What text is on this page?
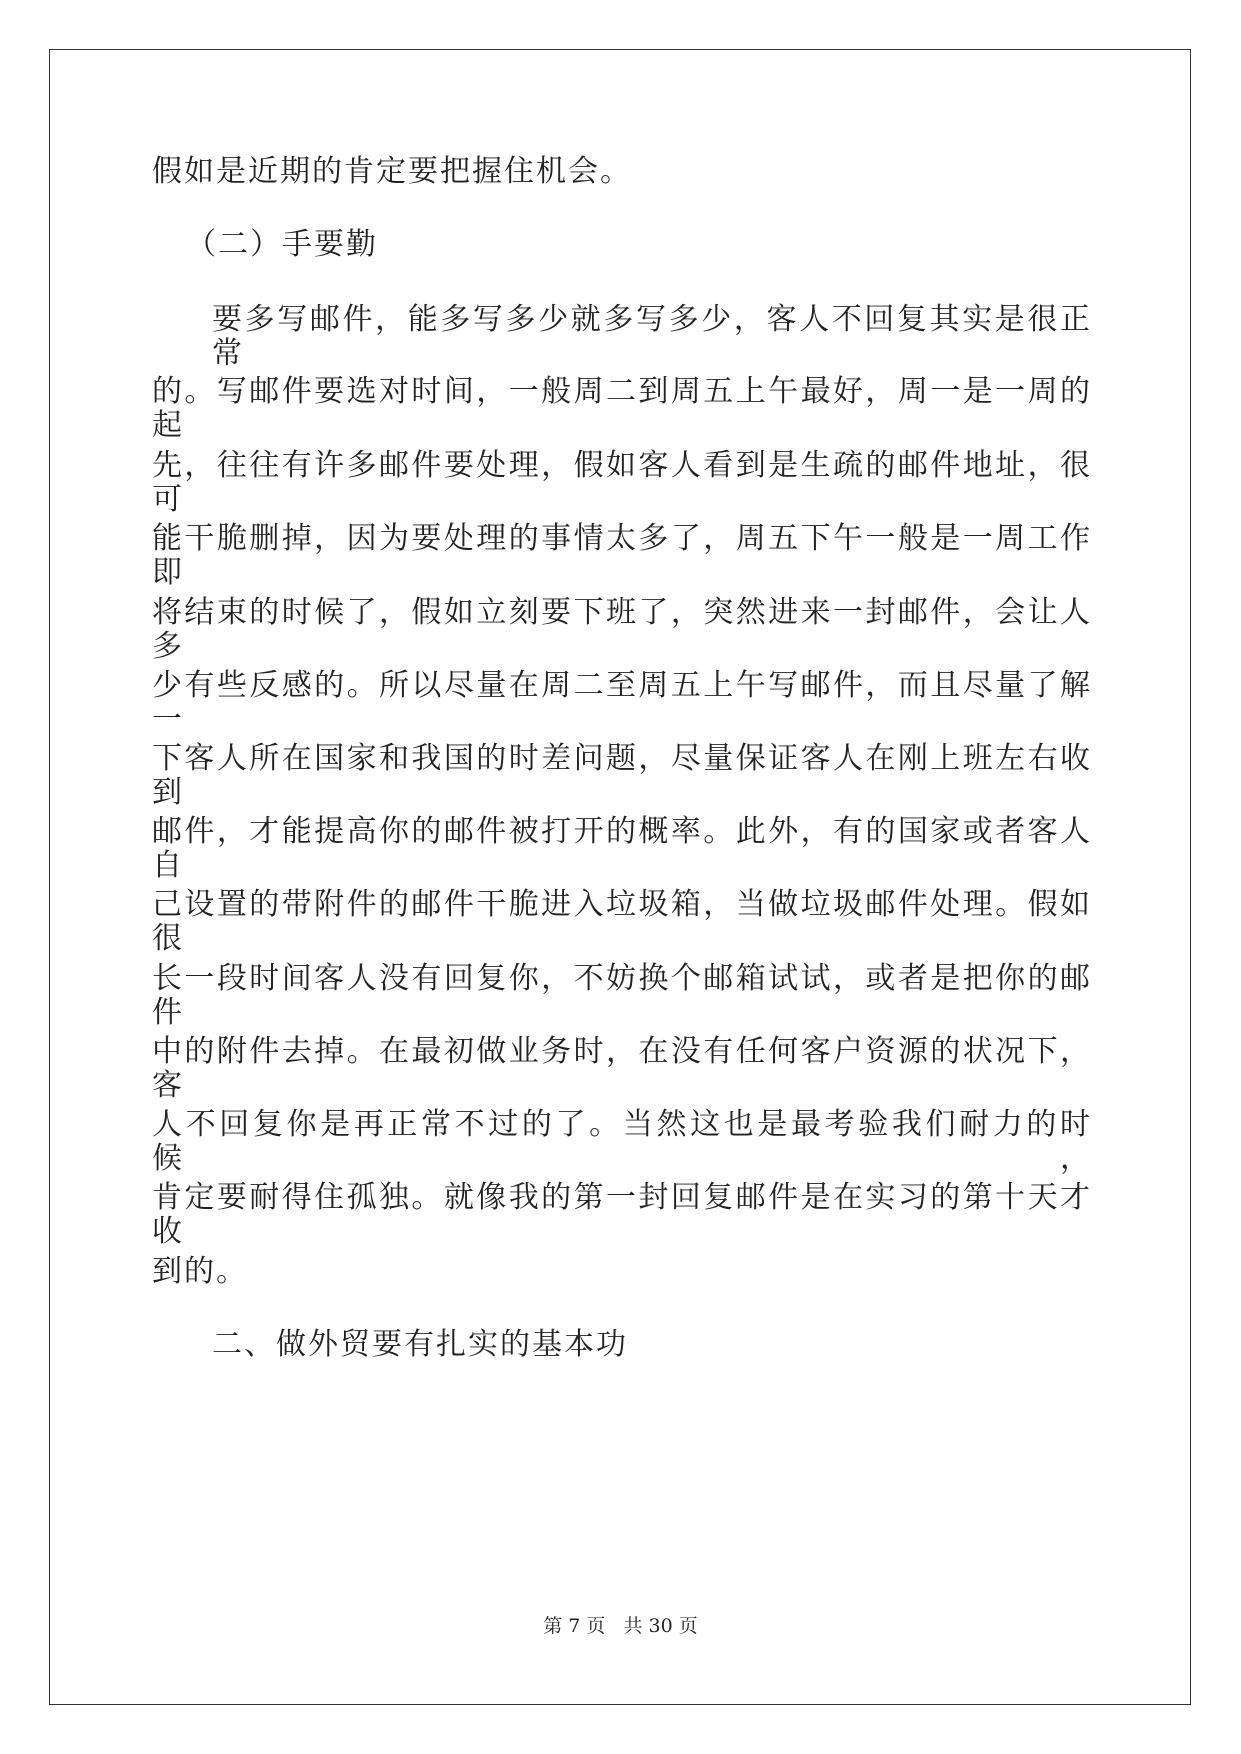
假如是近期的肯定要把握住机会。
（二）手要勤
要多写邮件，能多写多少就多写多少，客人不回复其实是很正常
的。写邮件要选对时间，一般周二到周五上午最好，周一是一周的起
先，往往有许多邮件要处理，假如客人看到是生疏的邮件地址，很可
能干脆删掉，因为要处理的事情太多了，周五下午一般是一周工作即
将结束的时候了，假如立刻要下班了，突然进来一封邮件，会让人多
少有些反感的。所以尽量在周二至周五上午写邮件，而且尽量了解一
下客人所在国家和我国的时差问题，尽量保证客人在刚上班左右收到
邮件，才能提高你的邮件被打开的概率。此外，有的国家或者客人自
己设置的带附件的邮件干脆进入垃圾箱，当做垃圾邮件处理。假如很
长一段时间客人没有回复你，不妨换个邮箱试试，或者是把你的邮件
中的附件去掉。在最初做业务时，在没有任何客户资源的状况下，客
人不回复你是再正常不过的了。当然这也是最考验我们耐力的时候，
肯定要耐得住孤独。就像我的第一封回复邮件是在实习的第十天才收
到的。
二、做外贸要有扎实的基本功
第 7 页 共 30 页
